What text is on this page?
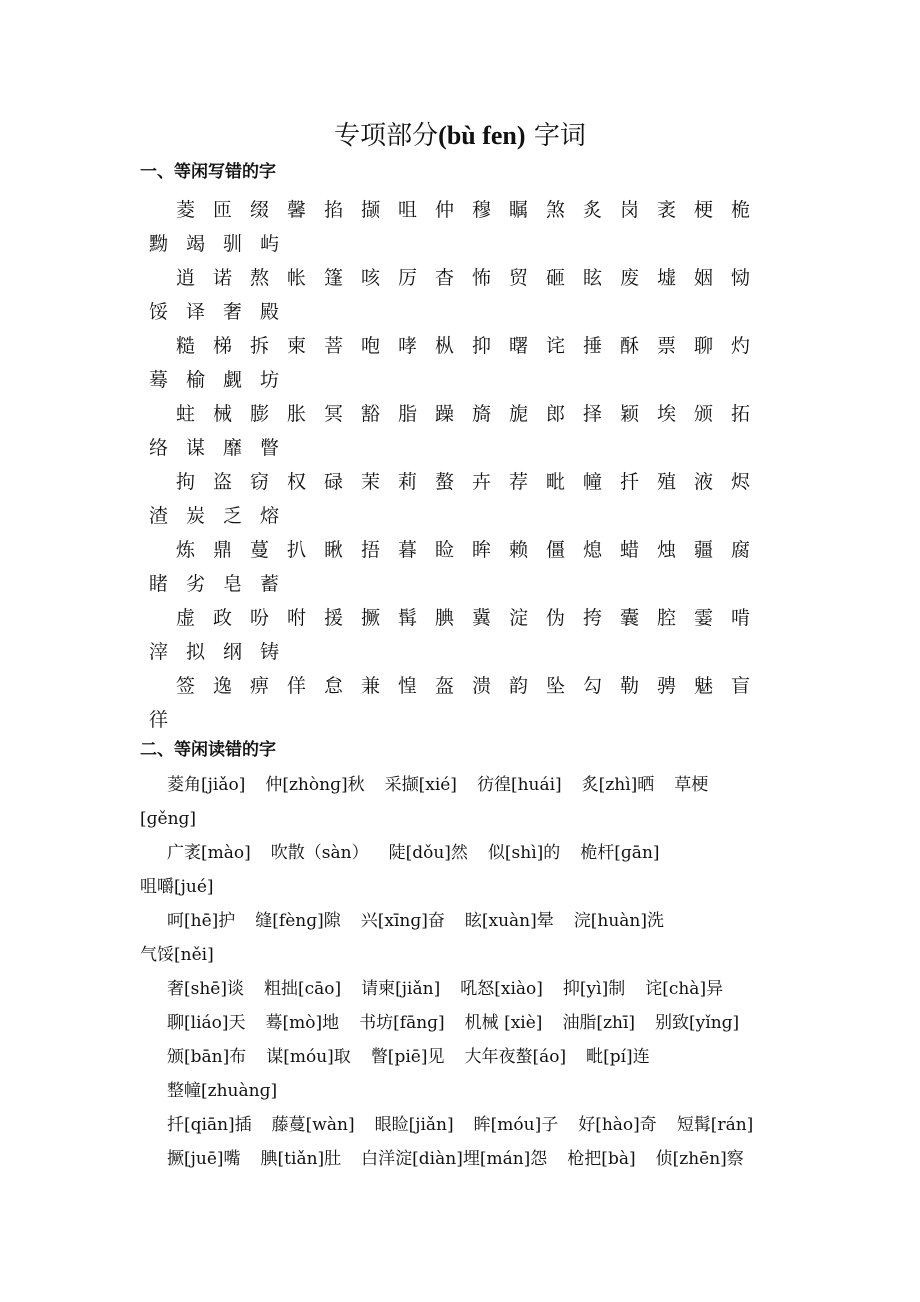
专项部分(bù fen) 字词
一、等闲写错的字
菱 匝 缀 馨 掐 撷 咀 仲 穆 瞩 煞 炙 岗 袤 梗 桅
黝 竭 驯 屿
逍 诺 熬 帐 篷 咳 厉 杳 怖 贸 砸 眩 废 墟 姻 恸
馁 译 奢 殿
糙 梯 拆 柬 菩 咆 哮 枞 抑 曙 诧 捶 酥 票 聊 灼
蓦 榆 觑 坊
蛀 械 膨 胀 冥 豁 脂 躁 旖 旎 郎 择 颖 埃 颁 拓
络 谋 靡 瞥
拘 盗 窃 权 碌 茉 莉 螯 卉 荐 毗 幢 扦 殖 液 烬
渣 炭 乏 熔
炼 鼎 蔓 扒 瞅 捂 暮 睑 眸 赖 僵 熄 蜡 烛 疆 腐
睹 劣 皂 蓄
虚 政 吩 咐 援 撅 髯 腆 冀 淀 伪 挎 囊 腔 霎 啃
滓 拟 纲 铸
签 逸 痹 佯 怠 兼 惶 盔 溃 韵 坠 勾 勒 骋 魅 盲
徉
二、等闲读错的字
菱角[jiǎo] 仲[zhònɡ]秋 采撷[xié] 彷徨[huái] 炙[zhì]晒 草梗
[ɡěnɡ]
广袤[mào] 吹散（sàn） 陡[dǒu]然 似[shì]的 桅杆[ɡān]
咀嚼[jué]
呵[hē]护 缝[fènɡ]隙 兴[xīnɡ]奋 眩[xuàn]晕 浣[huàn]洗
气馁[něi]
奢[shē]谈 粗拙[cāo] 请柬[jiǎn] 吼怒[xiào] 抑[yì]制 诧[chà]异
聊[liáo]天 蓦[mò]地 书坊[fānɡ] 机械 [xiè] 油脂[zhī] 别致[yǐnɡ]
颁[bān]布 谋[móu]取 瞥[piē]见 大年夜螯[áo] 毗[pí]连
整幢[zhuànɡ]
扦[qiān]插 藤蔓[wàn] 眼睑[jiǎn] 眸[móu]子 好[hào]奇 短髯[rán]
撅[juē]嘴 腆[tiǎn]肚 白洋淀[diàn]埋[mán]怨 枪把[bà] 侦[zhēn]察
